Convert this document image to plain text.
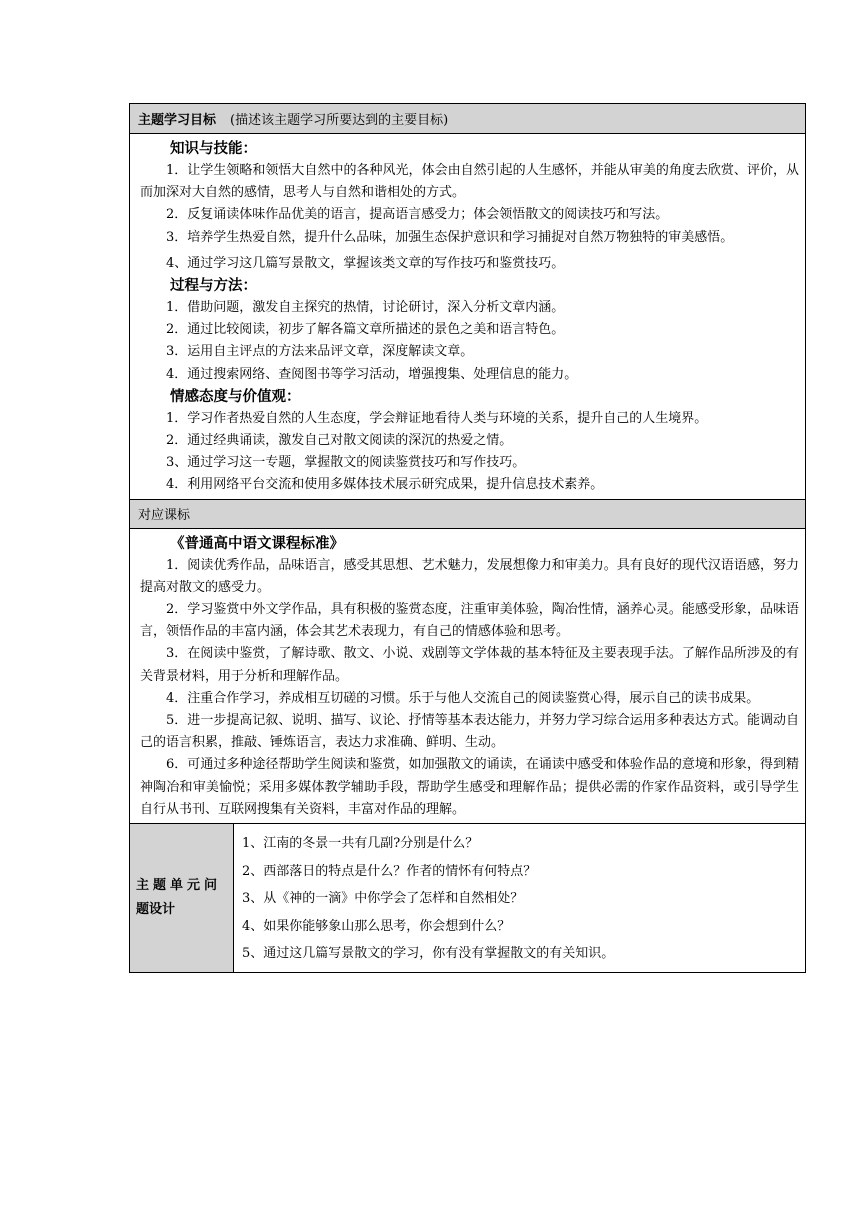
主题学习目标 (描述该主题学习所要达到的主要目标)
知识与技能：

1．让学生领略和领悟大自然中的各种风光，体会由自然引起的人生感怀，并能从审美的角度去欣赏、评价，从而加深对大自然的感情，思考人与自然和谐相处的方式。

2．反复诵读体味作品优美的语言，提高语言感受力；体会领悟散文的阅读技巧和写法。

3．培养学生热爱自然，提升什么品味，加强生态保护意识和学习捕捉对自然万物独特的审美感悟。

4、通过学习这几篇写景散文，掌握该类文章的写作技巧和鉴赏技巧。

过程与方法：

1．借助问题，激发自主探究的热情，讨论研讨，深入分析文章内涵。

2．通过比较阅读，初步了解各篇文章所描述的景色之美和语言特色。

3．运用自主评点的方法来品评文章，深度解读文章。

4．通过搜索网络、查阅图书等学习活动，增强搜集、处理信息的能力。

情感态度与价值观：

1．学习作者热爱自然的人生态度，学会辩证地看待人类与环境的关系，提升自己的人生境界。

2．通过经典诵读，激发自己对散文阅读的深沉的热爱之情。

3、通过学习这一专题，掌握散文的阅读鉴赏技巧和写作技巧。

4．利用网络平台交流和使用多媒体技术展示研究成果，提升信息技术素养。

对应课标
《普通高中语文课程标准》

1．阅读优秀作品，品味语言，感受其思想、艺术魅力，发展想像力和审美力。具有良好的现代汉语语感，努力提高对散文的感受力。

2．学习鉴赏中外文学作品，具有积极的鉴赏态度，注重审美体验，陶冶性情，涵养心灵。能感受形象，品味语言，领悟作品的丰富内涵，体会其艺术表现力，有自己的情感体验和思考。

3．在阅读中鉴赏，了解诗歌、散文、小说、戏剧等文学体裁的基本特征及主要表现手法。了解作品所涉及的有关背景材料，用于分析和理解作品。

4．注重合作学习，养成相互切磋的习惯。乐于与他人交流自己的阅读鉴赏心得，展示自己的读书成果。

5．进一步提高记叙、说明、描写、议论、抒情等基本表达能力，并努力学习综合运用多种表达方式。能调动自己的语言积累，推敲、锤炼语言，表达力求准确、鲜明、生动。

6．可通过多种途径帮助学生阅读和鉴赏，如加强散文的诵读，在诵读中感受和体验作品的意境和形象，得到精神陶冶和审美愉悦；采用多媒体教学辅助手段，帮助学生感受和理解作品；提供必需的作家作品资料，或引导学生自行从书刊、互联网搜集有关资料，丰富对作品的理解。

主题单元问
题设计
1、江南的冬景一共有几副?分别是什么？
2、西部落日的特点是什么？作者的情怀有何特点？
3、从《神的一滴》中你学会了怎样和自然相处？
4、如果你能够象山那么思考，你会想到什么？
5、通过这几篇写景散文的学习，你有没有掌握散文的有关知识。
